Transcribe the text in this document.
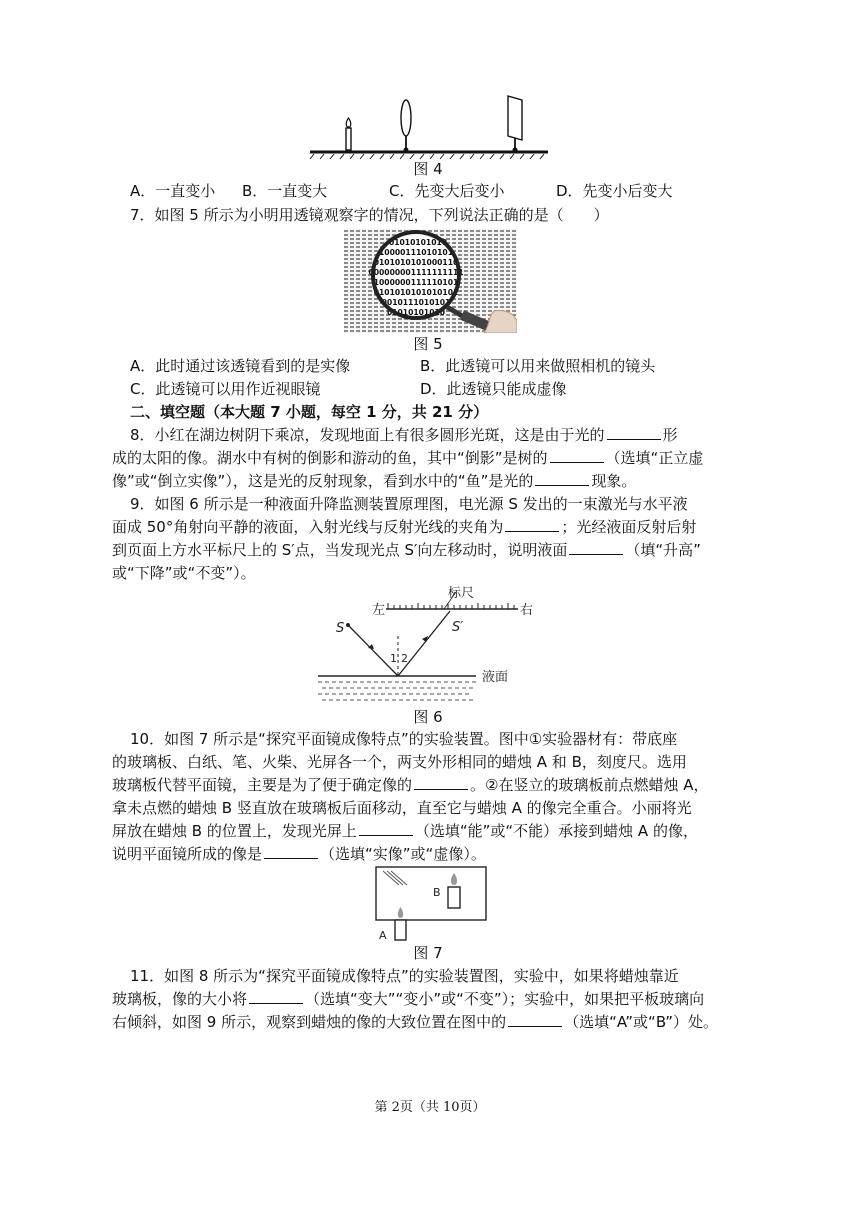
图 4
A．一直变小 B．一直变大	C．先变大后变小	D．先变小后变大
7．如图 5 所示为小明用透镜观察字的情况，下列说法正确的是（　　）
01010101010
10000111010101
0101010101000110
000000001111111111
1000000111110101
0101010101010101
0010111010101
01010101010
图 5
A．此时通过该透镜看到的是实像	B．此透镜可以用来做照相机的镜头
C．此透镜可以用作近视眼镜	D．此透镜只能成虚像
二、填空题（本大题 7 小题，每空 1 分，共 21 分）
8．小红在湖边树阴下乘凉，发现地面上有很多圆形光斑，这是由于光的	形
成的太阳的像。湖水中有树的倒影和游动的鱼，其中“倒影”是树的	（选填“正立虚
像”或“倒立实像”），这是光的反射现象，看到水中的“鱼”是光的	现象。
9．如图 6 所示是一种液面升降监测装置原理图，电光源 S 发出的一束激光与水平液
面成 50°角射向平静的液面，入射光线与反射光线的夹角为	；光经液面反射后射
到页面上方水平标尺上的 S′点，当发现光点 S′向左移动时，说明液面	（填“升高”
或“下降”或“不变”）。
标尺
左	右
S	S′
1 2
液面
图 6
10．如图 7 所示是“探究平面镜成像特点”的实验装置。图中①实验器材有：带底座
的玻璃板、白纸、笔、火柴、光屏各一个，两支外形相同的蜡烛 A 和 B，刻度尺。选用
玻璃板代替平面镜，主要是为了便于确定像的	。②在竖立的玻璃板前点燃蜡烛 A，
拿未点燃的蜡烛 B 竖直放在玻璃板后面移动，直至它与蜡烛 A 的像完全重合。小丽将光
屏放在蜡烛 B 的位置上，发现光屏上	（选填“能”或“不能）承接到蜡烛 A 的像，
说明平面镜所成的像是	（选填“实像”或“虚像）。
B
A
图 7
11．如图 8 所示为“探究平面镜成像特点”的实验装置图，实验中，如果将蜡烛靠近
玻璃板，像的大小将	（选填“变大”“变小”或“不变”）；实验中，如果把平板玻璃向
右倾斜，如图 9 所示，观察到蜡烛的像的大致位置在图中的	（选填“A”或“B”）处。
第 2页（共 10页）
